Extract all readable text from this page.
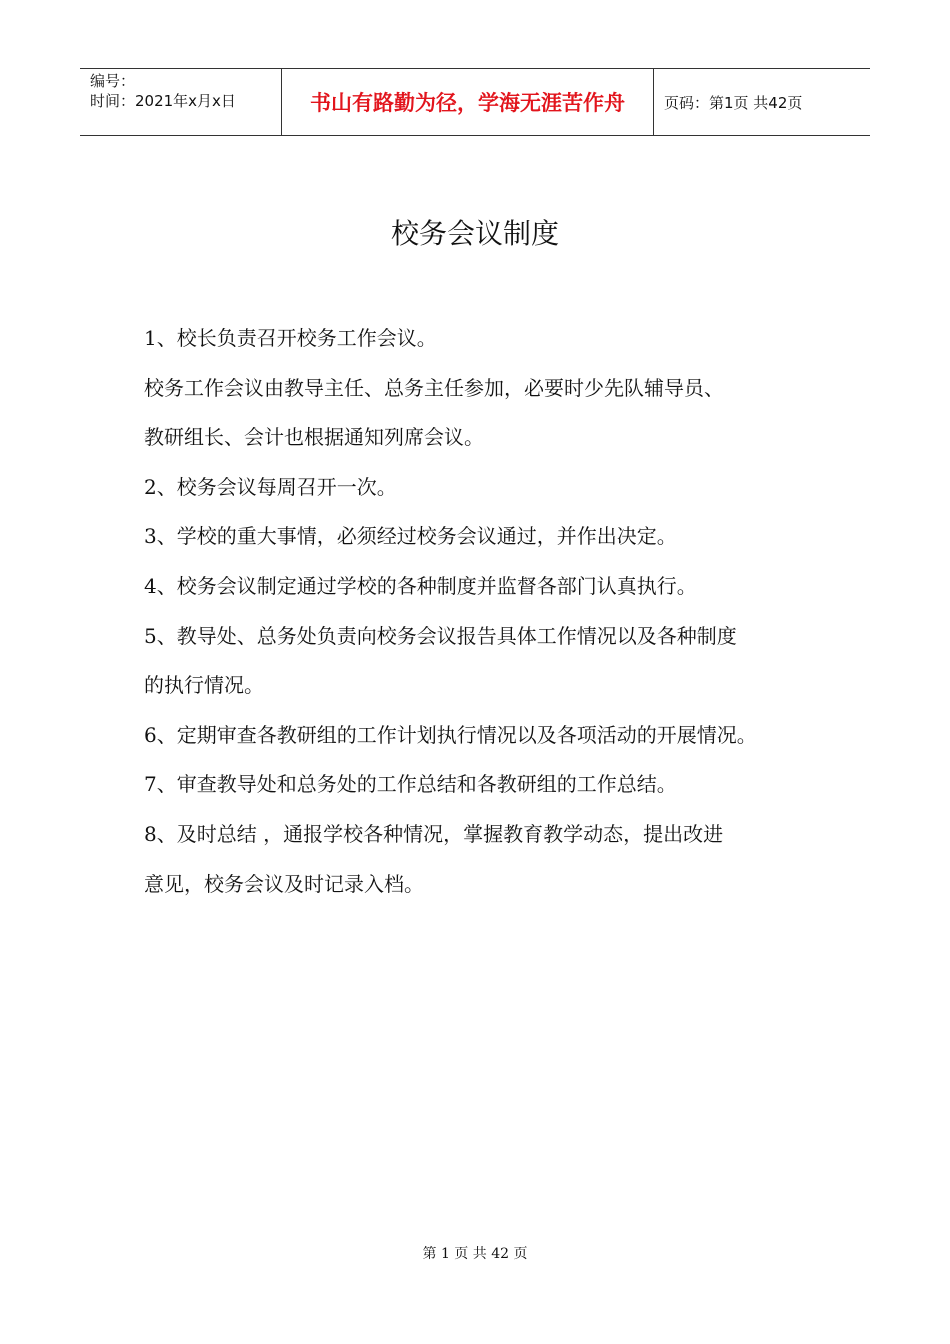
编号：
时间：2021年x月x日	书山有路勤为径，学海无涯苦作舟	页码：第1页 共42页
校务会议制度

1、校长负责召开校务工作会议。

校务工作会议由教导主任、总务主任参加，必要时少先队辅导员、

教研组长、会计也根据通知列席会议。

2、校务会议每周召开一次。

3、学校的重大事情，必须经过校务会议通过，并作出决定。

4、校务会议制定通过学校的各种制度并监督各部门认真执行。

5、教导处、总务处负责向校务会议报告具体工作情况以及各种制度

的执行情况。

6、定期审查各教研组的工作计划执行情况以及各项活动的开展情况。

7、审查教导处和总务处的工作总结和各教研组的工作总结。

8、及时总结 ，通报学校各种情况，掌握教育教学动态，提出改进

意见，校务会议及时记录入档。

第 1 页 共 42 页
